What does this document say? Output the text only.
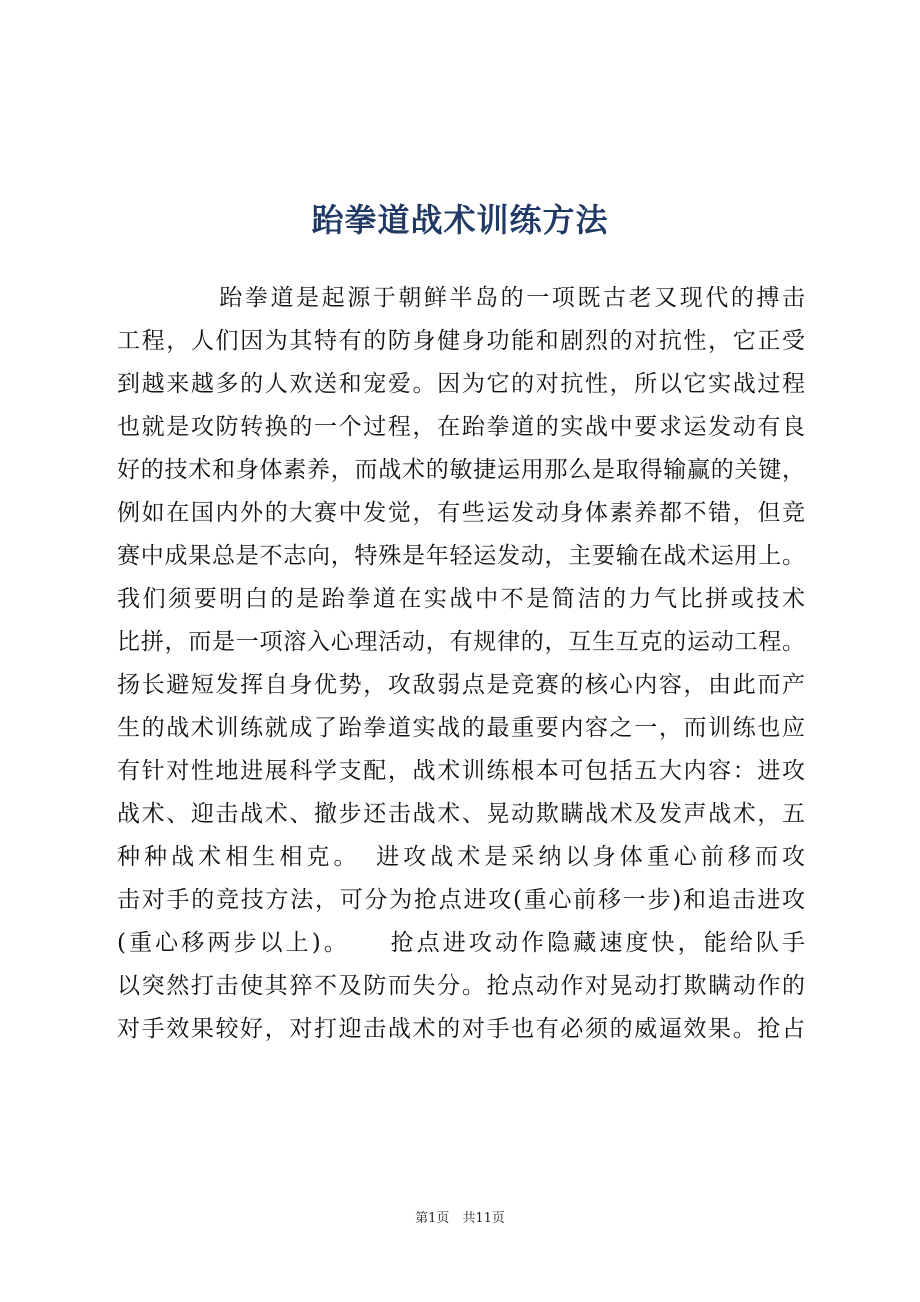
跆拳道战术训练方法
　　　　跆拳道是起源于朝鲜半岛的一项既古老又现代的搏击
工程，人们因为其特有的防身健身功能和剧烈的对抗性，它正受
到越来越多的人欢送和宠爱。因为它的对抗性，所以它实战过程
也就是攻防转换的一个过程，在跆拳道的实战中要求运发动有良
好的技术和身体素养，而战术的敏捷运用那么是取得输赢的关键，
例如在国内外的大赛中发觉，有些运发动身体素养都不错，但竞
赛中成果总是不志向，特殊是年轻运发动，主要输在战术运用上。
我们须要明白的是跆拳道在实战中不是简洁的力气比拼或技术
比拼，而是一项溶入心理活动，有规律的，互生互克的运动工程。
扬长避短发挥自身优势，攻敌弱点是竞赛的核心内容，由此而产
生的战术训练就成了跆拳道实战的最重要内容之一，而训练也应
有针对性地进展科学支配，战术训练根本可包括五大内容：进攻
战术、迎击战术、撤步还击战术、晃动欺瞒战术及发声战术，五
种种战术相生相克。　进攻战术是采纳以身体重心前移而攻
击对手的竞技方法，可分为抢点进攻(重心前移一步)和追击进攻
(重心移两步以上)。　　抢点进攻动作隐藏速度快，能给队手
以突然打击使其猝不及防而失分。抢点动作对晃动打欺瞒动作的
对手效果较好，对打迎击战术的对手也有必须的威逼效果。抢占
第1页　共11页
